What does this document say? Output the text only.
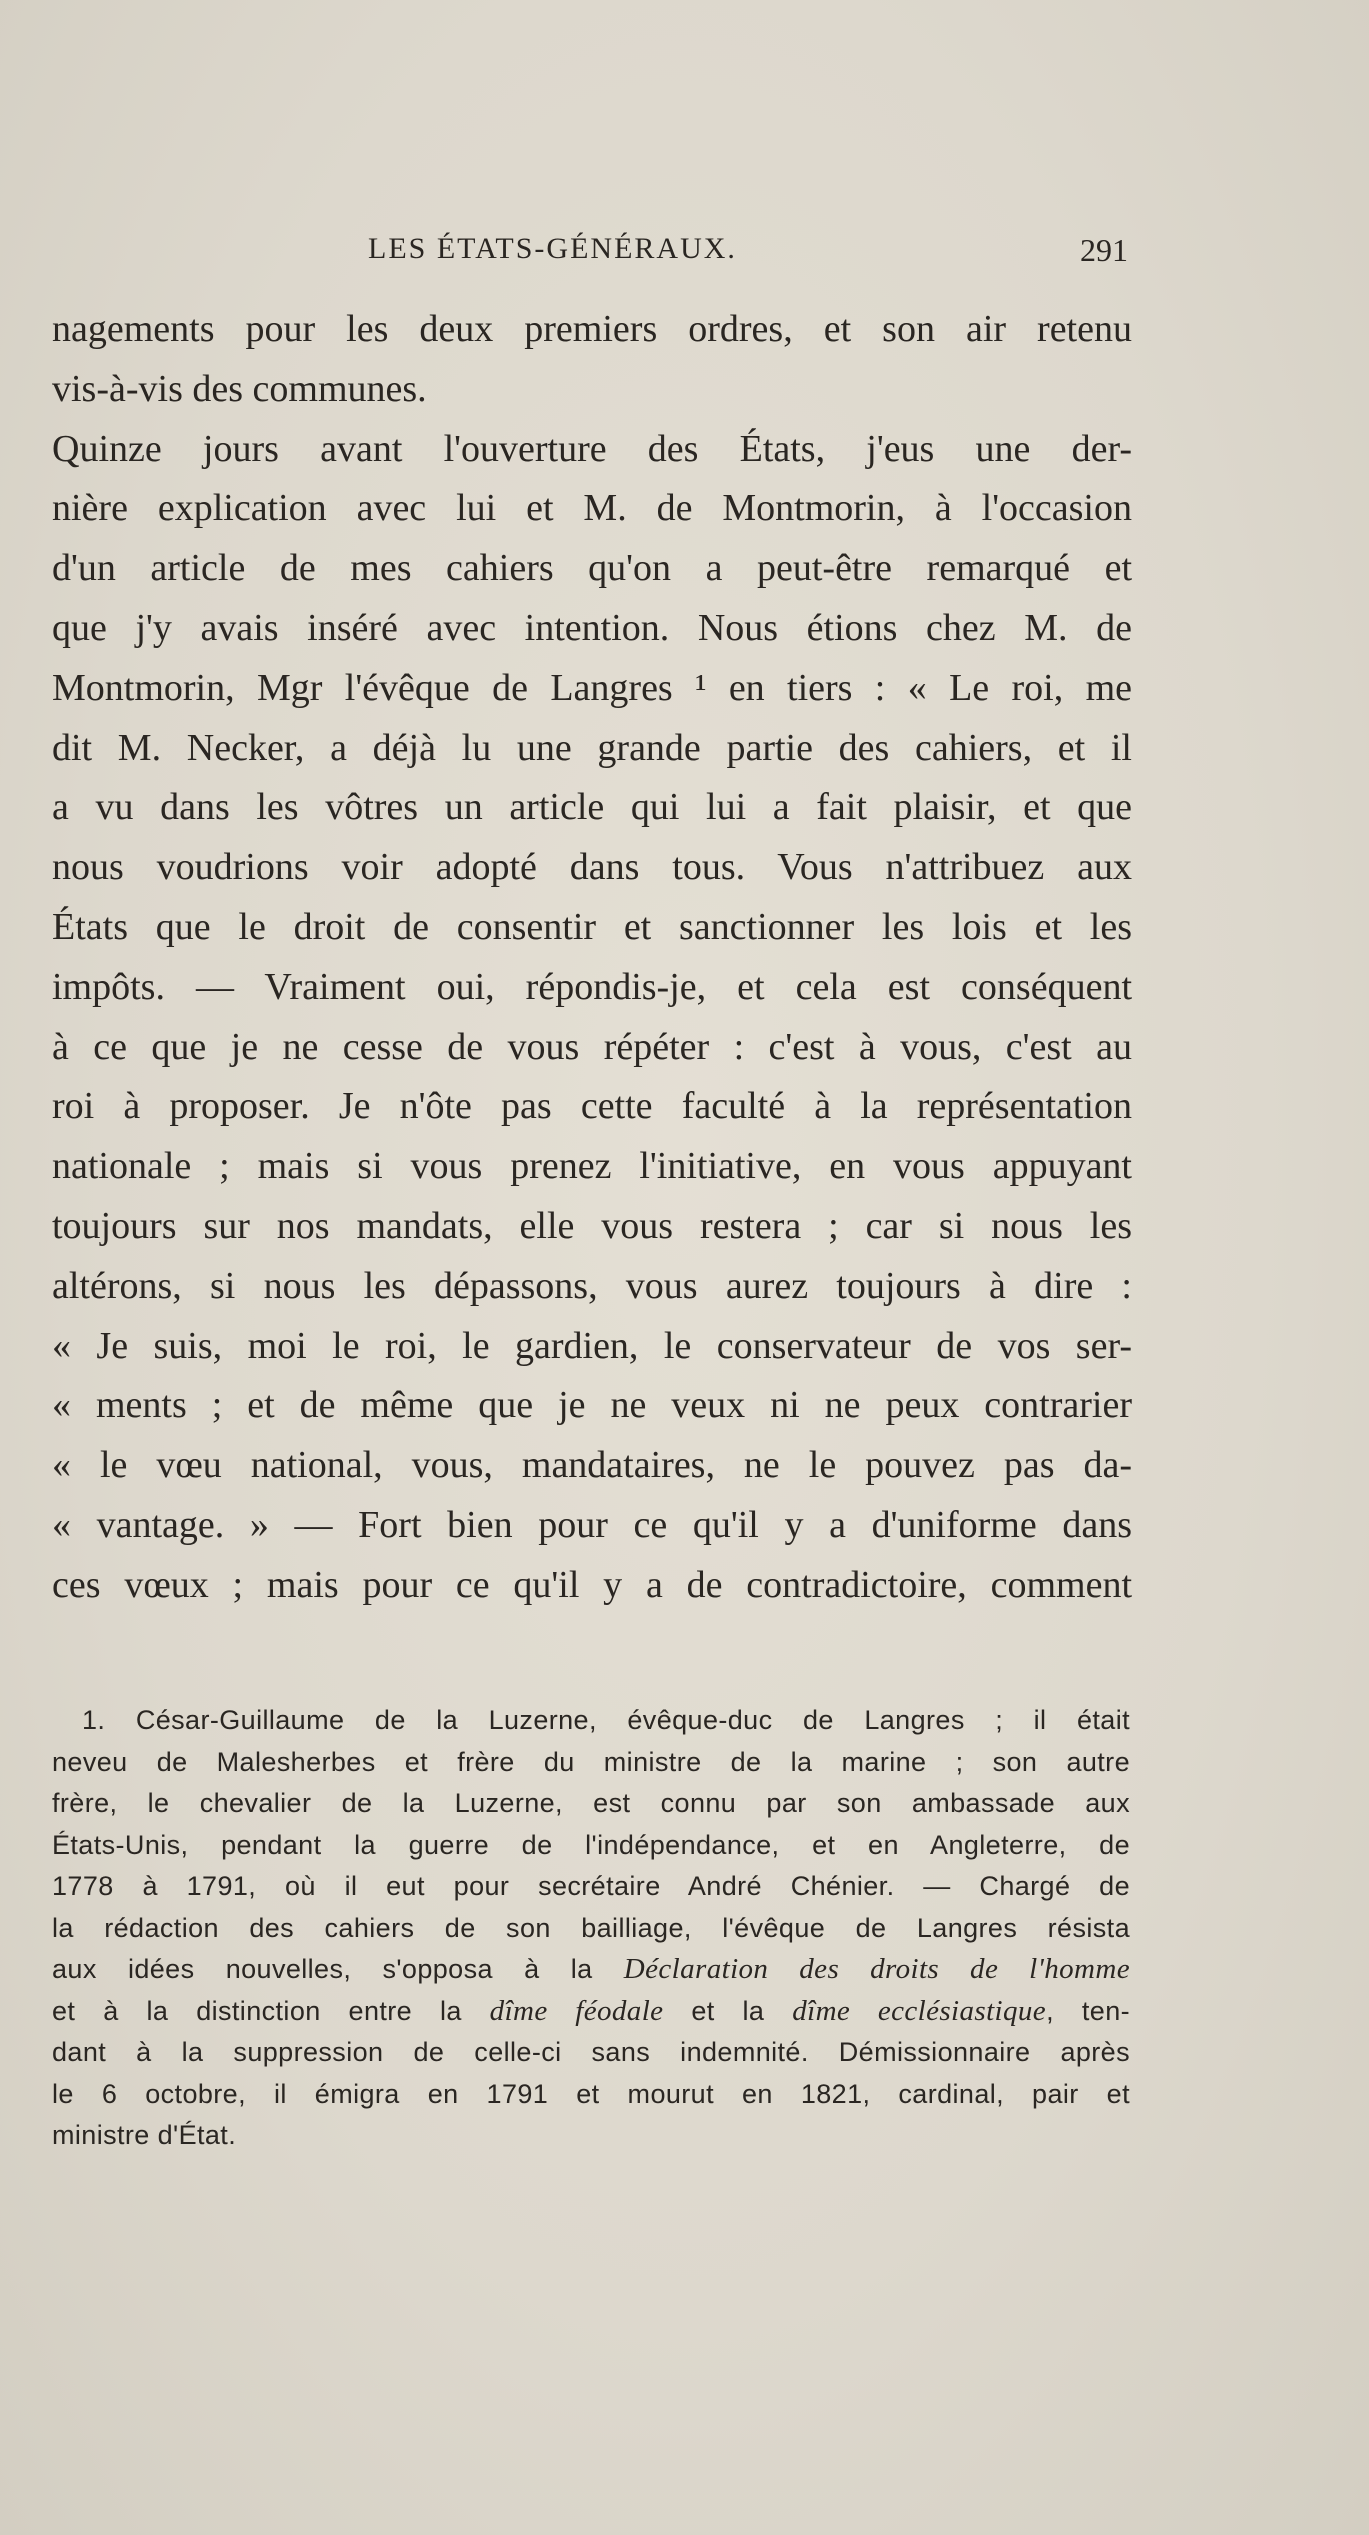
LES ÉTATS-GÉNÉRAUX.	291
nagements pour les deux premiers ordres, et son air retenu
vis-à-vis des communes.
Quinze jours avant l'ouverture des États, j'eus une der-
nière explication avec lui et M. de Montmorin, à l'occasion
d'un article de mes cahiers qu'on a peut-être remarqué et
que j'y avais inséré avec intention. Nous étions chez M. de
Montmorin, Mgr l'évêque de Langres ¹ en tiers : « Le roi, me
dit M. Necker, a déjà lu une grande partie des cahiers, et il
a vu dans les vôtres un article qui lui a fait plaisir, et que
nous voudrions voir adopté dans tous. Vous n'attribuez aux
États que le droit de consentir et sanctionner les lois et les
impôts. — Vraiment oui, répondis-je, et cela est conséquent
à ce que je ne cesse de vous répéter : c'est à vous, c'est au
roi à proposer. Je n'ôte pas cette faculté à la représentation
nationale ; mais si vous prenez l'initiative, en vous appuyant
toujours sur nos mandats, elle vous restera ; car si nous les
altérons, si nous les dépassons, vous aurez toujours à dire :
« Je suis, moi le roi, le gardien, le conservateur de vos ser-
« ments ; et de même que je ne veux ni ne peux contrarier
« le vœu national, vous, mandataires, ne le pouvez pas da-
« vantage. » — Fort bien pour ce qu'il y a d'uniforme dans
ces vœux ; mais pour ce qu'il y a de contradictoire, comment
1. César-Guillaume de la Luzerne, évêque-duc de Langres ; il était
neveu de Malesherbes et frère du ministre de la marine ; son autre
frère, le chevalier de la Luzerne, est connu par son ambassade aux
États-Unis, pendant la guerre de l'indépendance, et en Angleterre, de
1778 à 1791, où il eut pour secrétaire André Chénier. — Chargé de
la rédaction des cahiers de son bailliage, l'évêque de Langres résista
aux idées nouvelles, s'opposa à la Déclaration des droits de l'homme
et à la distinction entre la dîme féodale et la dîme ecclésiastique, ten-
dant à la suppression de celle-ci sans indemnité. Démissionnaire après
le 6 octobre, il émigra en 1791 et mourut en 1821, cardinal, pair et
ministre d'État.
